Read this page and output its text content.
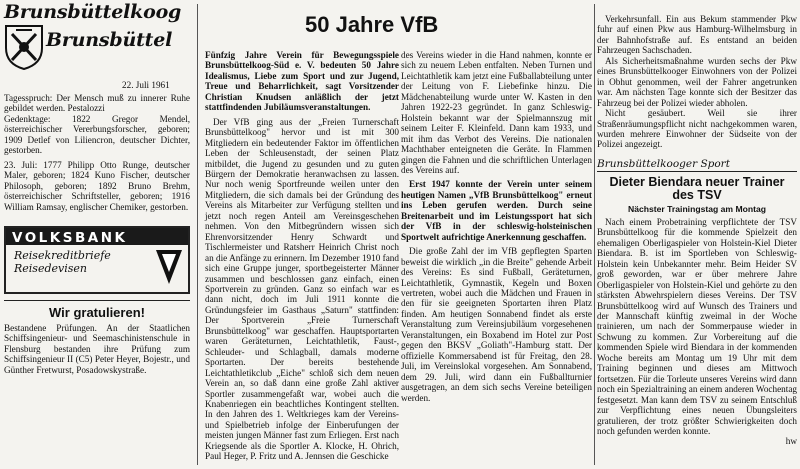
Brunsbüttelkoog
Brunsbüttel
22. Juli 1961

Tagesspruch: Der Mensch muß zu innerer Ruhe gebildet werden. Pestalozzi

Gedenktage: 1822 Gregor Mendel, österreichischer Vererbungsforscher, geboren; 1909 Detlef von Liliencron, deutscher Dichter, gestorben.

23. Juli: 1777 Philipp Otto Runge, deutscher Maler, geboren; 1824 Kuno Fischer, deutscher Philosoph, geboren; 1892 Bruno Brehm, österreichischer Schriftsteller, geboren; 1916 William Ramsay, englischer Chemiker, gestorben.

VOLKSBANK
Reisekreditbriefe
Reisedevisen
Wir gratulieren!

Bestandene Prüfungen. An der Staatlichen Schiffsingenieur- und Seemaschinistenschule in Flensburg bestanden ihre Prüfung zum Schiffsingenieur II (C5) Peter Heyer, Bojestr., und Günther Fretwurst, Posadowskystraße.

50 Jahre VfB

Fünfzig Jahre Verein für Bewegungsspiele Brunsbüttelkoog-Süd e. V. bedeuten 50 Jahre Idealismus, Liebe zum Sport und zur Jugend, Treue und Beharrlichkeit, sagt Vorsitzender Christian Knudsen anläßlich der jetzt stattfindenden Jubiläumsveranstaltungen.

Der VfB ging aus der „Freien Turnerschaft Brunsbüttelkoog" hervor und ist mit 300 Mitgliedern ein bedeutender Faktor im öffentlichen Leben der Schleusenstadt, der seinen Platz mitbildet, die Jugend zu gesunden und zu guten Bürgern der Demokratie heranwachsen zu lassen. Nur noch wenig Sportfreunde weilen unter den Mitgliedern, die sich damals bei der Gründung des Vereins als Mitarbeiter zur Verfügung stellten und jetzt noch regen Anteil am Vereinsgeschehen nehmen. Von den Mitbegründern wissen sich Ehrenvorsitzender Henry Schwardt und Tischlermeister und Ratsherr Heinrich Christ noch an die Anfänge zu erinnern. Im Dezember 1910 fand sich eine Gruppe junger, sportbegeisterter Männer zusammen und beschlossen ganz einfach, einen Sportverein zu gründen. Ganz so einfach war es dann nicht, doch im Juli 1911 konnte die Gründungsfeier im Gasthaus „Saturn" stattfinden: Der Sportverein „Freie Turnerschaft Brunsbüttelkoog" war geschaffen. Hauptsportarten waren Geräteturnen, Leichtathletik, Faust-, Schleuder- und Schlagball, damals moderne Sportarten. Der bereits bestehende Leichtathletikclub „Eiche" schloß sich dem neuen Verein an, so daß dann eine große Zahl aktiver Sportler zusammengefaßt war, wobei auch die Knabenriegen ein beachtliches Kontingent stellten. In den Jahren des 1. Weltkrieges kam der Vereins- und Spielbetrieb infolge der Einberufungen der meisten jungen Männer fast zum Erliegen. Erst nach Kriegsende als die Sportler A. Klocke, H. Ohrich, Paul Heger, P. Fritz und A. Jennsen die Geschicke

des Vereins wieder in die Hand nahmen, konnte er sich zu neuem Leben entfalten. Neben Turnen und Leichtathletik kam jetzt eine Fußballabteilung unter der Leitung von F. Liebefinke hinzu. Die Mädchenabteilung wurde unter W. Kasten in den Jahren 1922-23 gegründet. In ganz Schleswig-Holstein bekannt war der Spielmannszug mit seinem Leiter F. Kleinfeld. Dann kam 1933, und mit ihm das Verbot des Vereins. Die nationalen Machthaber enteigneten die Geräte. In Flammen gingen die Fahnen und die schriftlichen Unterlagen des Vereins auf.

Erst 1947 konnte der Verein unter seinem heutigen Namen „VfB Brunsbüttelkoog" erneut ins Leben gerufen werden. Durch seine Breitenarbeit und im Leistungssport hat sich der VfB in der schleswig-holsteinischen Sportwelt aufrichtige Anerkennung geschaffen.

Die große Zahl der im VfB gepflegten Sparten beweist die wirklich „in die Breite" gehende Arbeit des Vereins: Es sind Fußball, Geräteturnen, Leichtathletik, Gymnastik, Kegeln und Boxen vertreten, wobei auch die Mädchen und Frauen in den für sie geeigneten Sportarten ihren Platz finden. Am heutigen Sonnabend findet als erste Veranstaltung zum Vereinsjubiläum vorgesehenen Veranstaltungen, ein Boxabend im Hotel zur Post gegen den BKSV „Goliath"-Hamburg statt. Der offizielle Kommersabend ist für Freitag, den 28. Juli, im Vereinslokal vorgesehen. Am Sonnabend, dem 29. Juli, wird dann ein Fußballturnier ausgetragen, an dem sich sechs Vereine beteiligen werden.

Verkehrsunfall. Ein aus Bekum stammender Pkw fuhr auf einen Pkw aus Hamburg-Wilhelmsburg in der Bahnhofstraße auf. Es entstand an beiden Fahrzeugen Sachschaden.

Als Sicherheitsmaßnahme wurden sechs der Pkw eines Brunsbüttelkooger Einwohners von der Polizei in Obhut genommen, weil der Fahrer angetrunken war. Am nächsten Tage konnte sich der Besitzer das Fahrzeug bei der Polizei wieder abholen.

Nicht gesäubert. Weil sie ihrer Straßenräumungspflicht nicht nachgekommen waren, wurden mehrere Einwohner der Südseite von der Polizei angezeigt.

Brunsbüttelkooger Sport
Dieter Biendara neuer Trainer des TSV
Nächster Trainingstag am Montag

Nach einem Probetraining verpflichtete der TSV Brunsbüttelkoog für die kommende Spielzeit den ehemaligen Oberligaspieler von Holstein-Kiel Dieter Biendara. B. ist im Sportleben von Schleswig-Holstein kein Unbekannter mehr. Beim Heider SV groß geworden, war er über mehrere Jahre Oberligaspieler von Holstein-Kiel und gehörte zu den stärksten Abwehrspielern dieses Vereins. Der TSV Brunsbüttelkoog wird auf Wunsch des Trainers und der Mannschaft künftig zweimal in der Woche trainieren, um nach der Sommerpause wieder in Schwung zu kommen. Zur Vorbereitung auf die kommenden Spiele wird Biendara in der kommenden Woche bereits am Montag um 19 Uhr mit dem Training beginnen und dieses am Mittwoch fortsetzen. Für die Torleute unseres Vereins wird dann noch ein Spezialtraining an einem anderen Wochentag festgesetzt. Man kann dem TSV zu seinem Entschluß zur Verpflichtung eines neuen Übungsleiters gratulieren, der trotz größter Schwierigkeiten doch noch gefunden werden konnte.

hw
